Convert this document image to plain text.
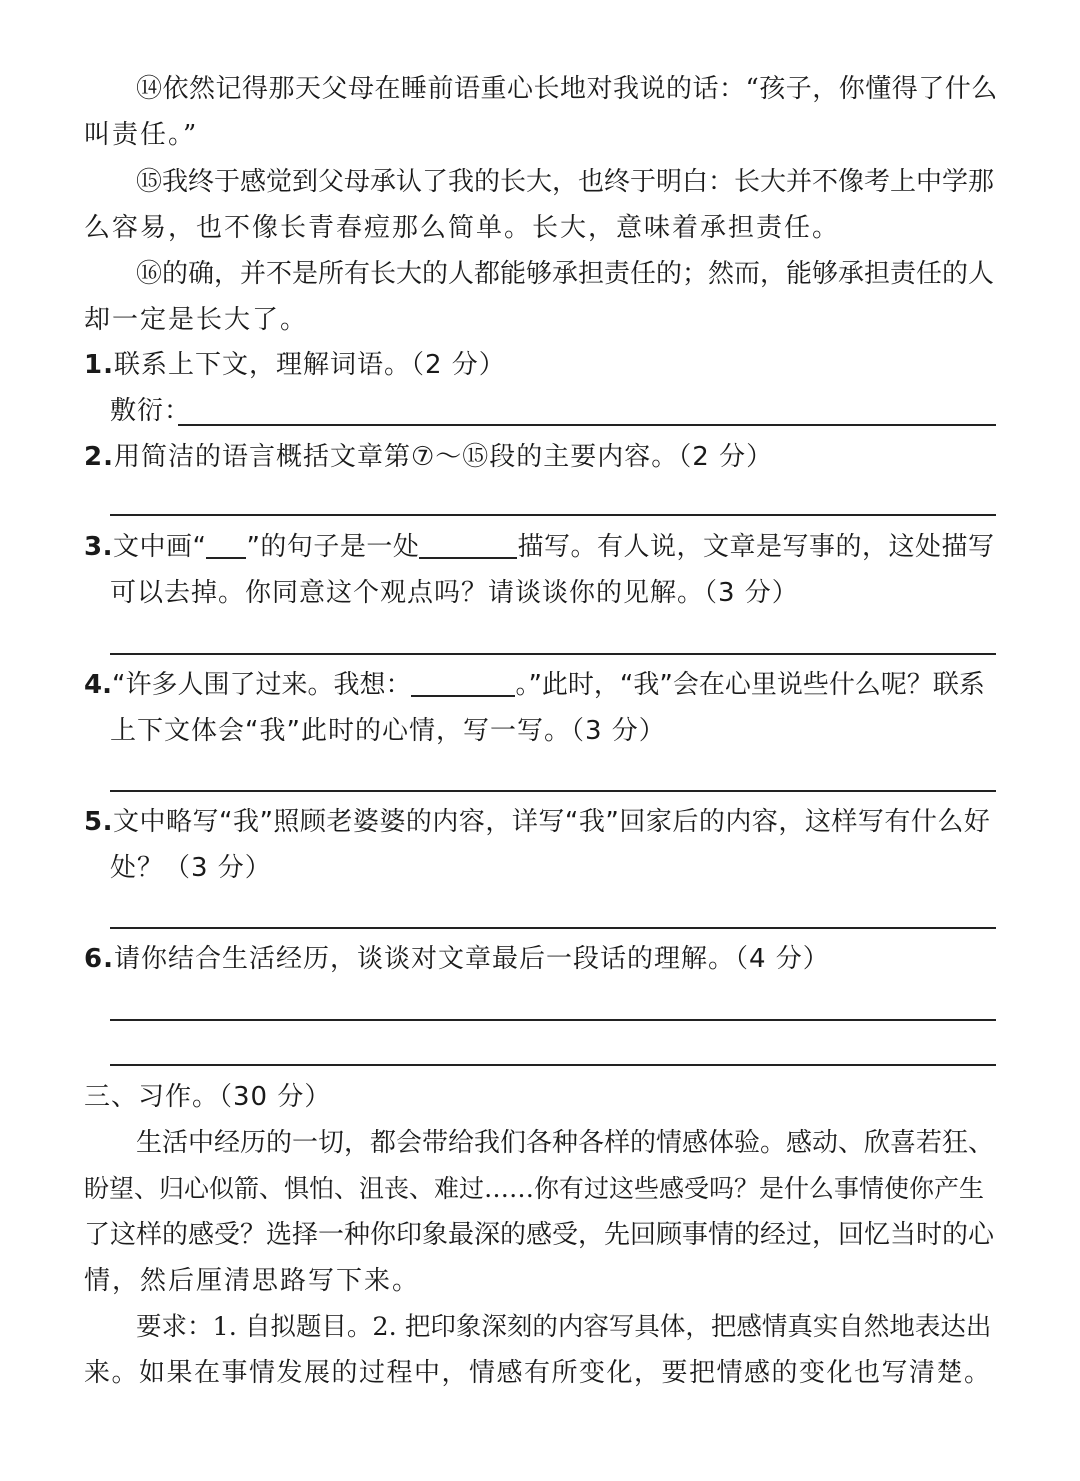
⑭依然记得那天父母在睡前语重心长地对我说的话：“孩子，你懂得了什么
叫责任。”
⑮我终于感觉到父母承认了我的长大，也终于明白：长大并不像考上中学那
么容易，也不像长青春痘那么简单。长大，意味着承担责任。
⑯的确，并不是所有长大的人都能够承担责任的；然而，能够承担责任的人
却一定是长大了。
1.联系上下文，理解词语。（2 分）
敷衍：
2.用简洁的语言概括文章第⑦～⑮段的主要内容。（2 分）
3.文中画“ ”的句子是一处	描写。有人说，文章是写事的，这处描写
可以去掉。你同意这个观点吗？请谈谈你的见解。（3 分）
4.“许多人围了过来。我想：	。”此时，“我”会在心里说些什么呢？联系
上下文体会“我”此时的心情，写一写。（3 分）
5.文中略写“我”照顾老婆婆的内容，详写“我”回家后的内容，这样写有什么好
处？（3 分）
6.请你结合生活经历，谈谈对文章最后一段话的理解。（4 分）
三、习作。（30 分）
生活中经历的一切，都会带给我们各种各样的情感体验。感动、欣喜若狂、
盼望、归心似箭、惧怕、沮丧、难过……你有过这些感受吗？是什么事情使你产生
了这样的感受？选择一种你印象最深的感受，先回顾事情的经过，回忆当时的心
情，然后厘清思路写下来。
要求：1. 自拟题目。2. 把印象深刻的内容写具体，把感情真实自然地表达出
来。如果在事情发展的过程中，情感有所变化，要把情感的变化也写清楚。
